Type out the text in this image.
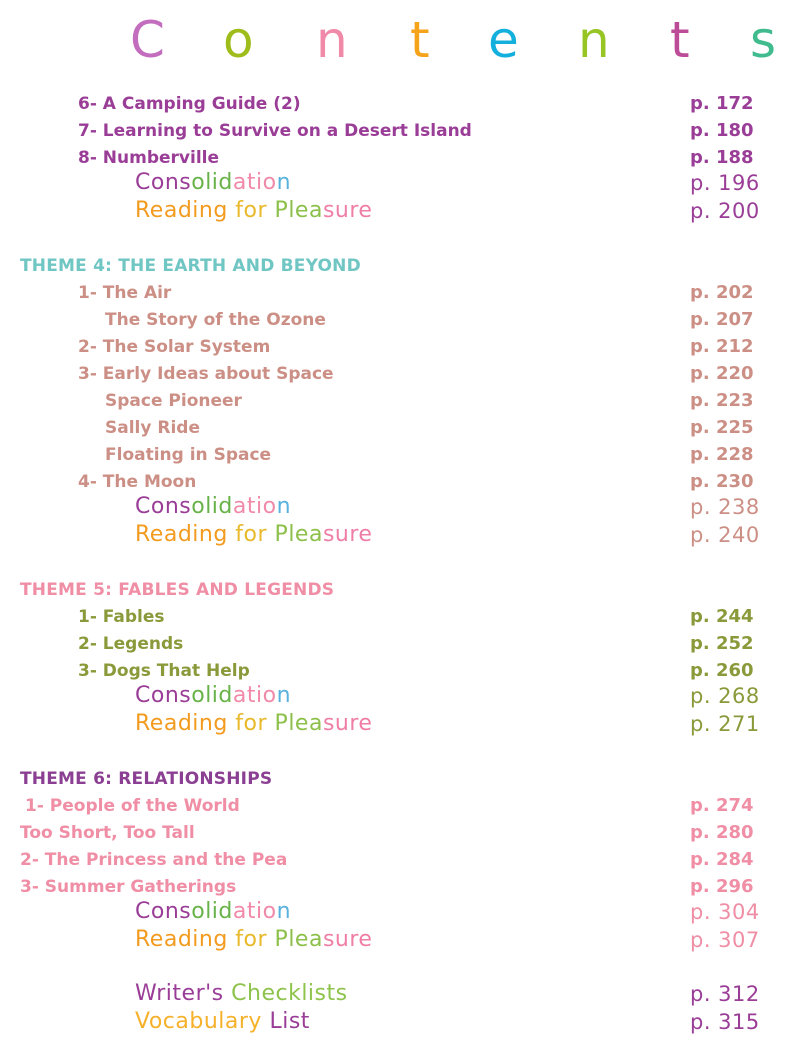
C o n t e n t s
6- A Camping Guide (2)	p. 172
7- Learning to Survive on a Desert Island	p. 180
8- Numberville	p. 188
Consolidation	p. 196
Reading for Pleasure	p. 200
THEME 4: THE EARTH AND BEYOND
1- The Air	p. 202
The Story of the Ozone	p. 207
2- The Solar System	p. 212
3- Early Ideas about Space	p. 220
Space Pioneer	p. 223
Sally Ride	p. 225
Floating in Space	p. 228
4- The Moon	p. 230
Consolidation	p. 238
Reading for Pleasure	p. 240
THEME 5: FABLES AND LEGENDS
1- Fables	p. 244
2- Legends	p. 252
3- Dogs That Help	p. 260
Consolidation	p. 268
Reading for Pleasure	p. 271
THEME 6: RELATIONSHIPS
1- People of the World	p. 274
Too Short, Too Tall	p. 280
2- The Princess and the Pea	p. 284
3- Summer Gatherings	p. 296
Consolidation	p. 304
Reading for Pleasure	p. 307
Writer's Checklists	p. 312
Vocabulary List	p. 315
